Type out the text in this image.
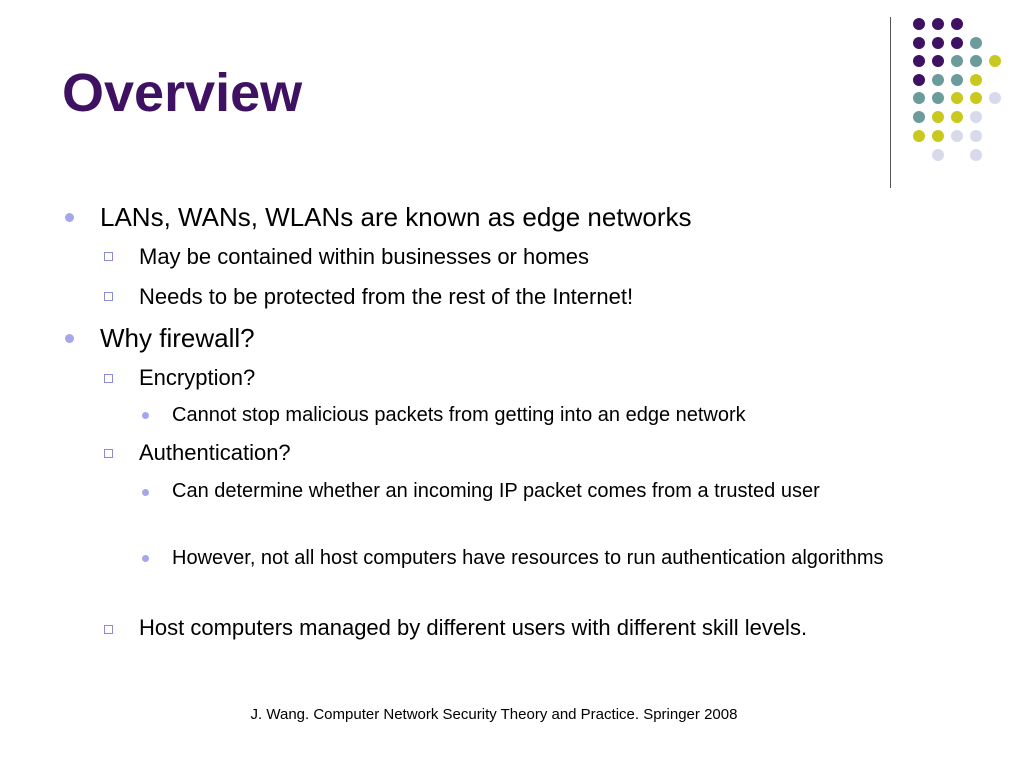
Overview
LANs, WANs, WLANs are known as edge networks
May be contained within businesses or homes
Needs to be protected from the rest of the Internet!
Why firewall?
Encryption?
Cannot stop malicious packets from getting into an edge network
Authentication?
Can determine whether an incoming IP packet comes from a trusted user
However, not all host computers have resources to run authentication algorithms
Host computers managed by different users with different skill levels.
J. Wang. Computer Network Security Theory and Practice. Springer 2008
